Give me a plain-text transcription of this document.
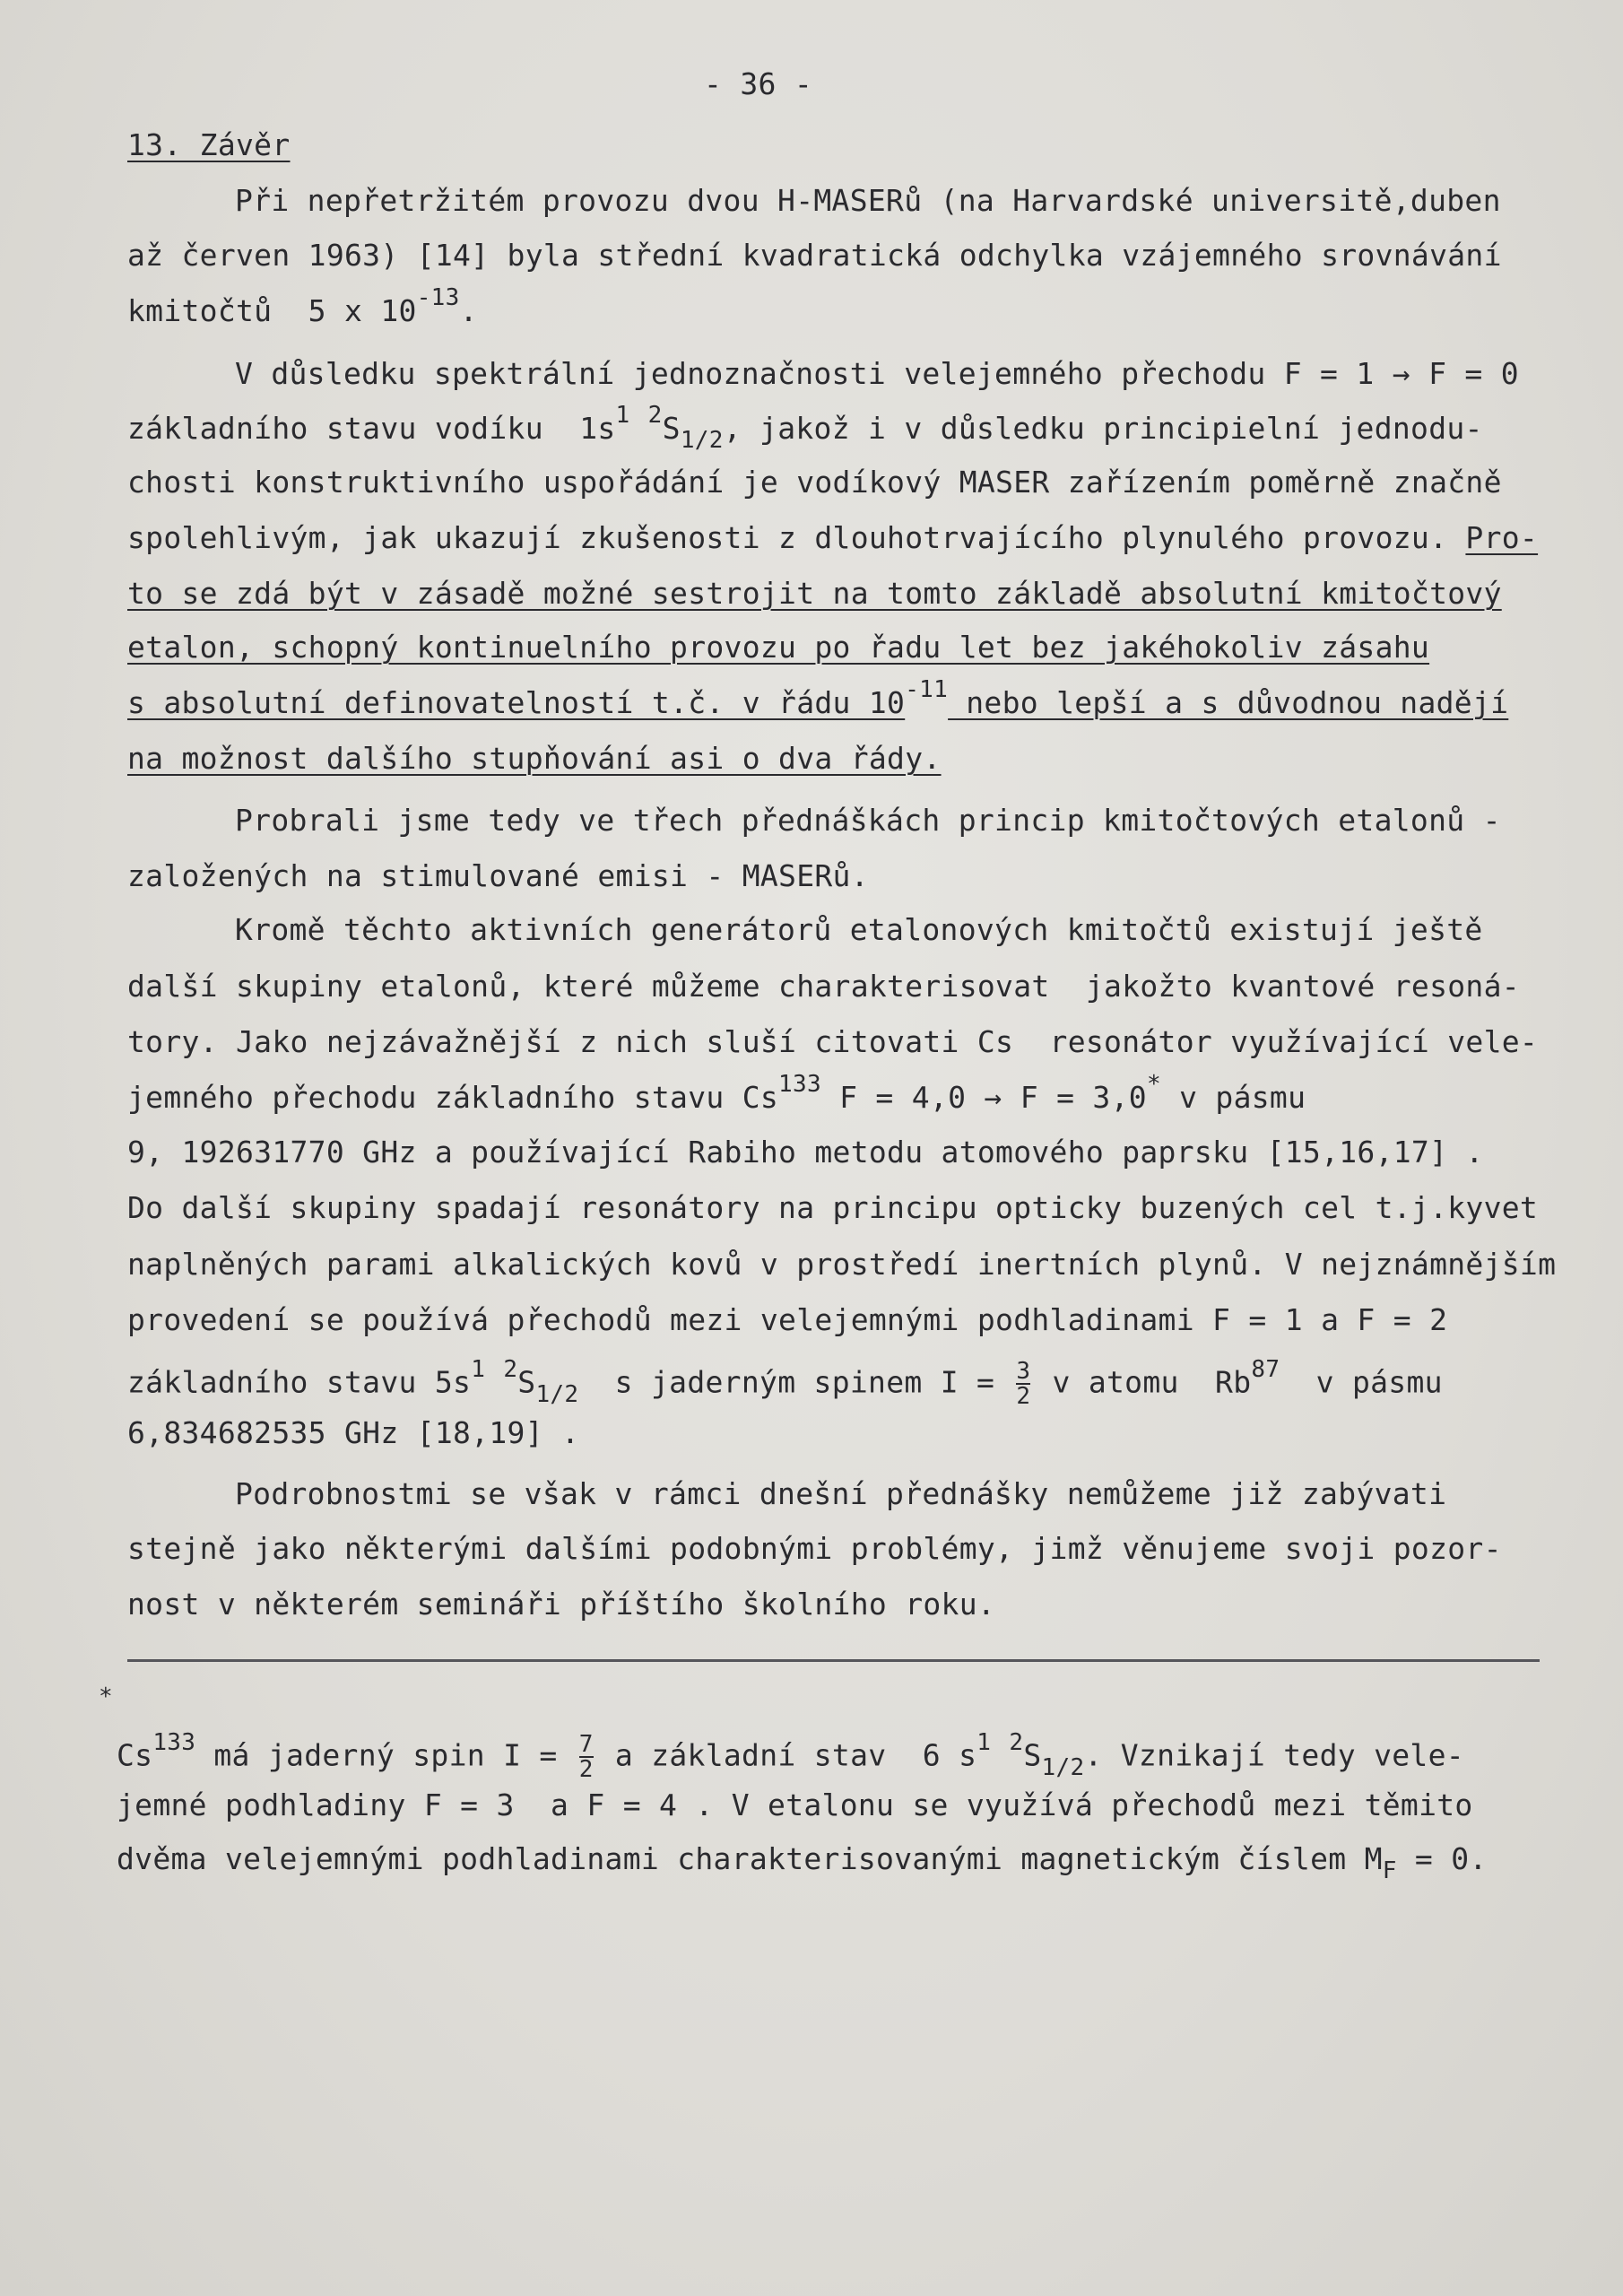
- 36 -
13. Závěr
Při nepřetržitém provozu dvou H-MASERů (na Harvardské universitě,duben
až červen 1963) [14] byla střední kvadratická odchylka vzájemného srovnávání
kmitočtů  5 x $10^{-13}$.
V důsledku spektrální jednoznačnosti velejemného přechodu F = 1 → F = 0
základního stavu vodíku  $1s^1$ $^2S_{1/2}$, jakož i v důsledku principielní jednodu-
chosti konstruktivního uspořádání je vodíkový MASER zařízením poměrně značně
spolehlivým, jak ukazují zkušenosti z dlouhotrvajícího plynulého provozu. Pro-
to se zdá být v zásadě možné sestrojit na tomto základě absolutní kmitočtový
etalon, schopný kontinuelního provozu po řadu let bez jakéhokoliv zásahu
s absolutní definovatelností t.č. v řádu $10^{-11}$ nebo lepší a s důvodnou nadějí
na možnost dalšího stupňování asi o dva řády.
Probrali jsme tedy ve třech přednáškách princip kmitočtových etalonů -
založených na stimulované emisi - MASERů.
Kromě těchto aktivních generátorů etalonových kmitočtů existují ještě
další skupiny etalonů, které můžeme charakterisovat  jakožto kvantové resoná-
tory. Jako nejzávažnější z nich sluší citovati Cs  resonátor využívající vele-
jemného přechodu základního stavu Cs$^{133}$ F = 4,0 → F = 3,0* v pásmu
9, 192631770 GHz a používající Rabiho metodu atomového paprsku [15,16,17] .
Do další skupiny spadají resonátory na principu opticky buzených cel t.j.kyvet
naplněných parami alkalických kovů v prostředí inertních plynů. V nejznámnějším
provedení se používá přechodů mezi velejemnými podhladinami F = 1 a F = 2
základního stavu $5s^1$ $^2S_{1/2}$  s jaderným spinem $I = \frac{3}{2}$ v atomu  Rb$^{87}$  v pásmu
6,834682535 GHz [18,19] .
Podrobnostmi se však v rámci dnešní přednášky nemůžeme již zabývati
stejně jako některými dalšími podobnými problémy, jimž věnujeme svoji pozor-
nost v některém semináři příštího školního roku.
*
Cs$^{133}$ má jaderný spin $I = \frac{7}{2}$ a základní stav  6 $s^1$ $^2S_{1/2}$. Vznikají tedy vele-
jemné podhladiny F = 3  a F = 4 . V etalonu se využívá přechodů mezi těmito
dvěma velejemnými podhladinami charakterisovanými magnetickým číslem $M_F = 0$.
